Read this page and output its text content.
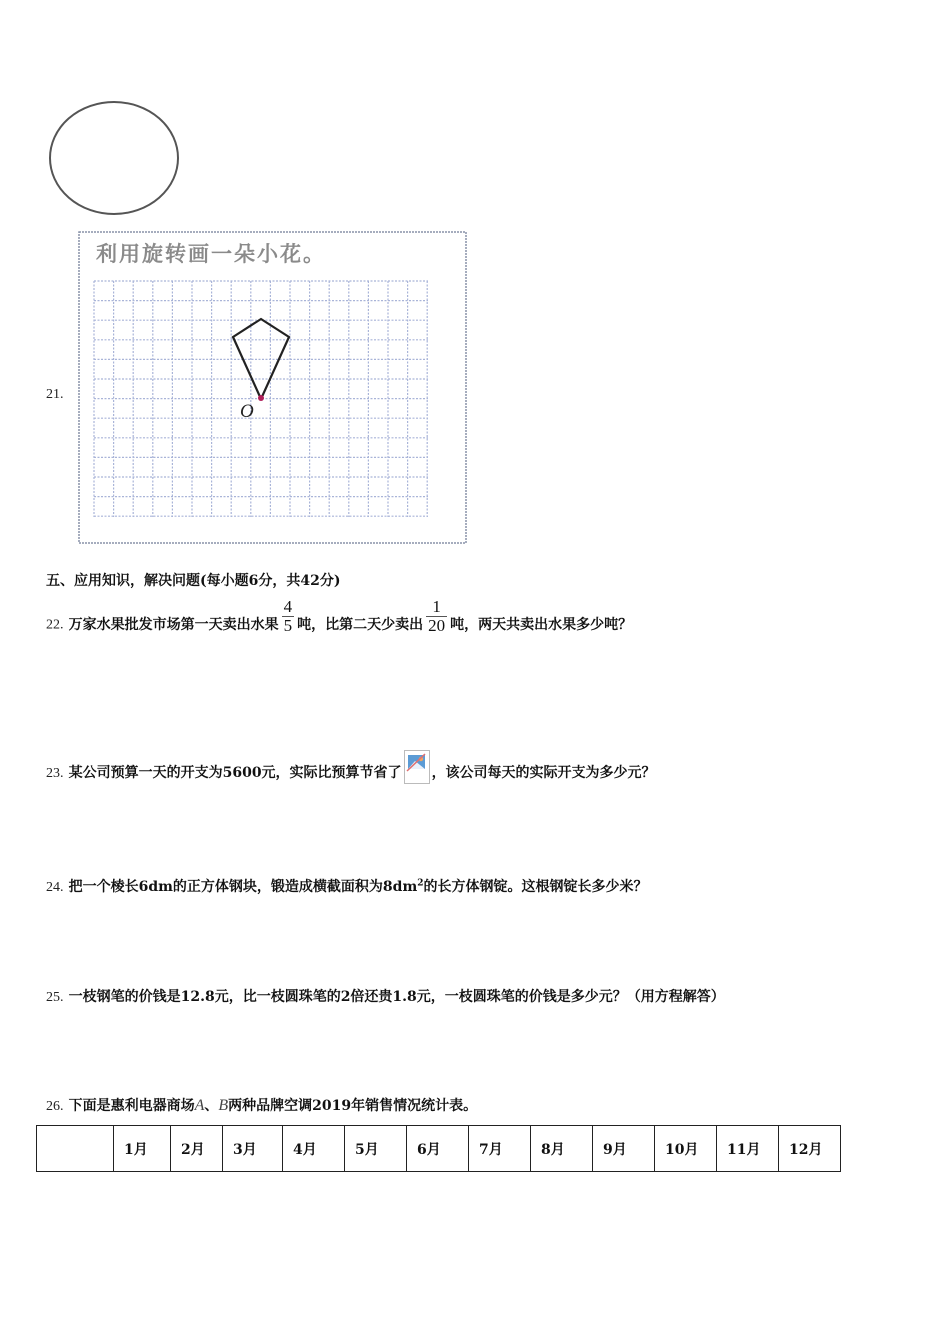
21.
利用旋转画一朵小花。
O
五、应用知识，解决问题(每小题6分，共42分)
22. 万家水果批发市场第一天卖出水果 $\frac{4}{5}$ 吨，比第二天少卖出 $\frac{1}{20}$ 吨，两天共卖出水果多少吨？
23. 某公司预算一天的开支为5600元，实际比预算节省了 ，该公司每天的实际开支为多少元？
24. 把一个棱长6dm的正方体钢块，锻造成横截面积为$8dm^2$的长方体钢锭。这根钢锭长多少米？
25. 一枝钢笔的价钱是12.8元，比一枝圆珠笔的2倍还贵1.8元，一枝圆珠笔的价钱是多少元？（用方程解答）
26. 下面是惠利电器商场A、B两种品牌空调2019年销售情况统计表。
	1月	2月	3月	4月	5月	6月	7月	8月	9月	10月	11月	12月
